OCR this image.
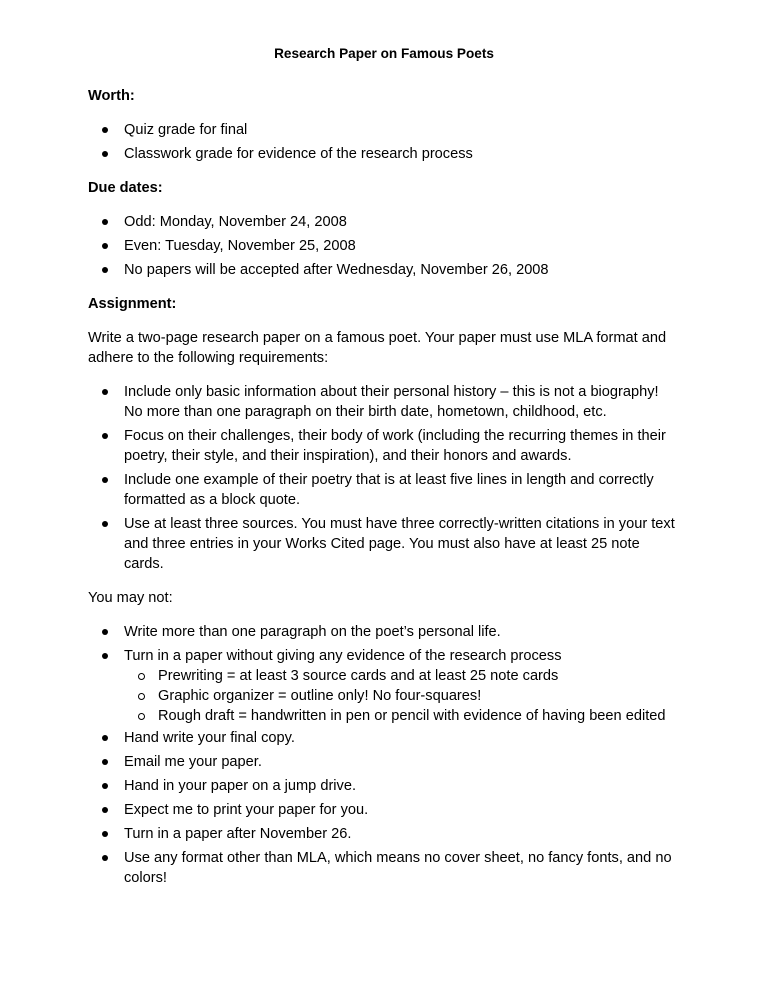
Research Paper on Famous Poets
Worth:
Quiz grade for final
Classwork grade for evidence of the research process
Due dates:
Odd: Monday, November 24, 2008
Even: Tuesday, November 25, 2008
No papers will be accepted after Wednesday, November 26, 2008
Assignment:
Write a two-page research paper on a famous poet. Your paper must use MLA format and adhere to the following requirements:
Include only basic information about their personal history – this is not a biography! No more than one paragraph on their birth date, hometown, childhood, etc.
Focus on their challenges, their body of work (including the recurring themes in their poetry, their style, and their inspiration), and their honors and awards.
Include one example of their poetry that is at least five lines in length and correctly formatted as a block quote.
Use at least three sources. You must have three correctly-written citations in your text and three entries in your Works Cited page. You must also have at least 25 note cards.
You may not:
Write more than one paragraph on the poet’s personal life.
Turn in a paper without giving any evidence of the research process
Prewriting = at least 3 source cards and at least 25 note cards
Graphic organizer = outline only! No four-squares!
Rough draft = handwritten in pen or pencil with evidence of having been edited
Hand write your final copy.
Email me your paper.
Hand in your paper on a jump drive.
Expect me to print your paper for you.
Turn in a paper after November 26.
Use any format other than MLA, which means no cover sheet, no fancy fonts, and no colors!
